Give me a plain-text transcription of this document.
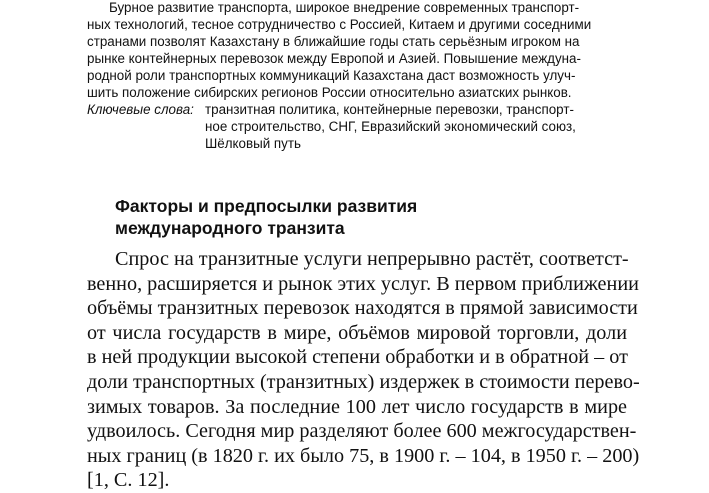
Бурное развитие транспорта, широкое внедрение современных транспорт-
ных технологий, тесное сотрудничество с Россией, Китаем и другими соседними
странами позволят Казахстану в ближайшие годы стать серьёзным игроком на
рынке контейнерных перевозок между Европой и Азией. Повышение междуна-
родной роли транспортных коммуникаций Казахстана даст возможность улуч-
шить положение сибирских регионов России относительно азиатских рынков.
Ключевые слова: транзитная политика, контейнерные перевозки, транспорт-
ное строительство, СНГ, Евразийский экономический союз,
Шёлковый путь
Факторы и предпосылки развития
международного транзита
Спрос на транзитные услуги непрерывно растёт, соответст-
венно, расширяется и рынок этих услуг. В первом приближении
объёмы транзитных перевозок находятся в прямой зависимости
от числа государств в мире, объёмов мировой торговли, доли
в ней продукции высокой степени обработки и в обратной – от
доли транспортных (транзитных) издержек в стоимости перево-
зимых товаров. За последние 100 лет число государств в мире
удвоилось. Сегодня мир разделяют более 600 межгосударствен-
ных границ (в 1820 г. их было 75, в 1900 г. – 104, в 1950 г. – 200)
[1, С. 12].
